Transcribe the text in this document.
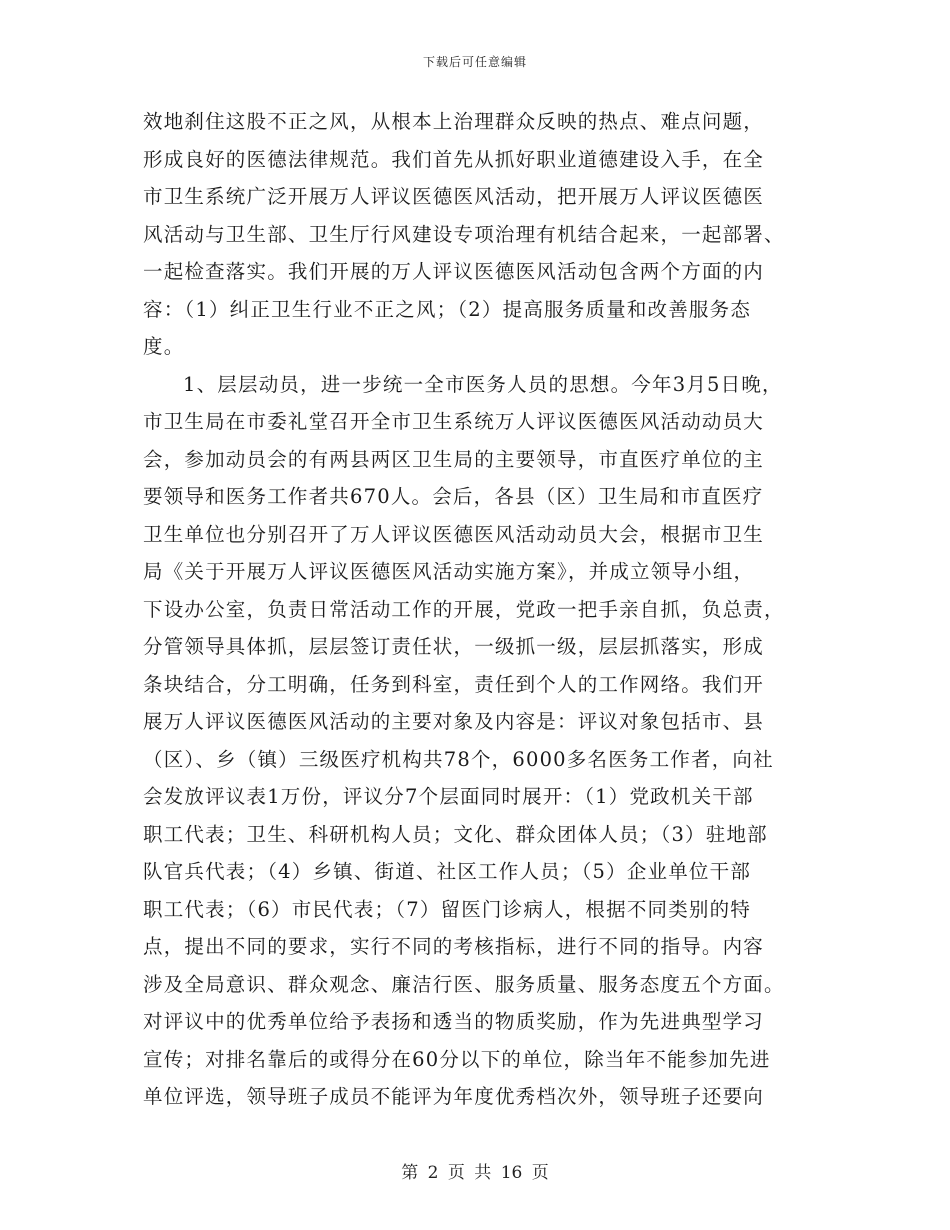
下载后可任意编辑
效地刹住这股不正之风，从根本上治理群众反映的热点、难点问题，
形成良好的医德法律规范。我们首先从抓好职业道德建设入手，在全
市卫生系统广泛开展万人评议医德医风活动，把开展万人评议医德医
风活动与卫生部、卫生厅行风建设专项治理有机结合起来，一起部署、
一起检查落实。我们开展的万人评议医德医风活动包含两个方面的内
容：（1）纠正卫生行业不正之风；（2）提高服务质量和改善服务态
度。
1、层层动员，进一步统一全市医务人员的思想。今年3月5日晚，
市卫生局在市委礼堂召开全市卫生系统万人评议医德医风活动动员大
会，参加动员会的有两县两区卫生局的主要领导，市直医疗单位的主
要领导和医务工作者共670人。会后，各县（区）卫生局和市直医疗
卫生单位也分别召开了万人评议医德医风活动动员大会，根据市卫生
局《关于开展万人评议医德医风活动实施方案》，并成立领导小组，
下设办公室，负责日常活动工作的开展，党政一把手亲自抓，负总责，
分管领导具体抓，层层签订责任状，一级抓一级，层层抓落实，形成
条块结合，分工明确，任务到科室，责任到个人的工作网络。我们开
展万人评议医德医风活动的主要对象及内容是：评议对象包括市、县
（区）、乡（镇）三级医疗机构共78个，6000多名医务工作者，向社
会发放评议表1万份，评议分7个层面同时展开：（1）党政机关干部
职工代表；卫生、科研机构人员；文化、群众团体人员；（3）驻地部
队官兵代表；（4）乡镇、街道、社区工作人员；（5）企业单位干部
职工代表；（6）市民代表；（7）留医门诊病人，根据不同类别的特
点，提出不同的要求，实行不同的考核指标，进行不同的指导。内容
涉及全局意识、群众观念、廉洁行医、服务质量、服务态度五个方面。
对评议中的优秀单位给予表扬和透当的物质奖励，作为先进典型学习
宣传；对排名靠后的或得分在60分以下的单位，除当年不能参加先进
单位评选，领导班子成员不能评为年度优秀档次外，领导班子还要向
第 2 页 共 16 页
